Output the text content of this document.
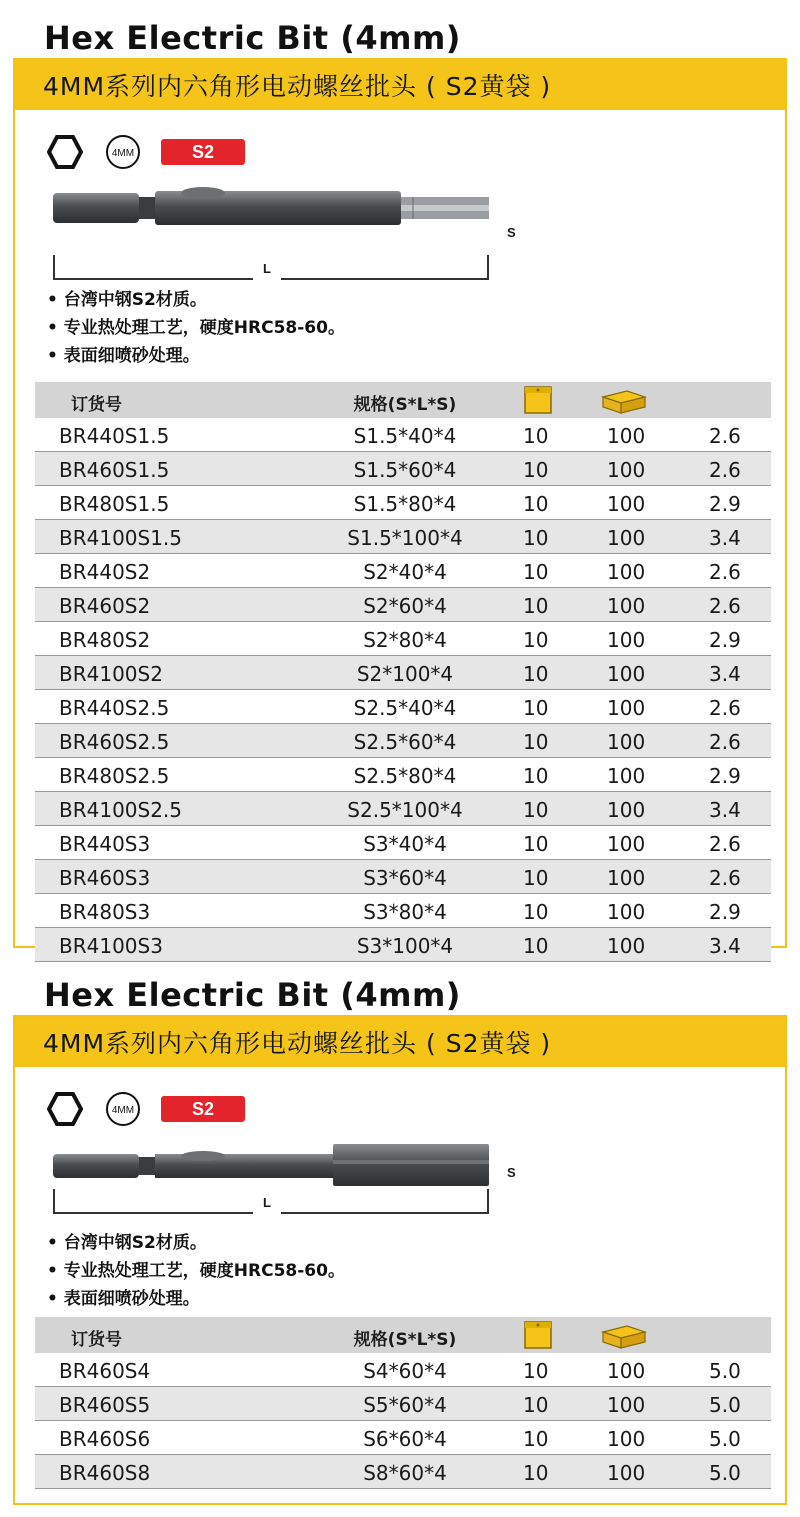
Hex Electric Bit (4mm)
4MM系列内六角形电动螺丝批头 ( S2黄袋 )
4MM	S2
S
L
• 台湾中钢S2材质。
• 专业热处理工艺，硬度HRC58-60。
• 表面细喷砂处理。
订货号	规格(S*L*S)
BR440S1.5	S1.5*40*4	10	100	2.6
BR460S1.5	S1.5*60*4	10	100	2.6
BR480S1.5	S1.5*80*4	10	100	2.9
BR4100S1.5	S1.5*100*4	10	100	3.4
BR440S2	S2*40*4	10	100	2.6
BR460S2	S2*60*4	10	100	2.6
BR480S2	S2*80*4	10	100	2.9
BR4100S2	S2*100*4	10	100	3.4
BR440S2.5	S2.5*40*4	10	100	2.6
BR460S2.5	S2.5*60*4	10	100	2.6
BR480S2.5	S2.5*80*4	10	100	2.9
BR4100S2.5	S2.5*100*4	10	100	3.4
BR440S3	S3*40*4	10	100	2.6
BR460S3	S3*60*4	10	100	2.6
BR480S3	S3*80*4	10	100	2.9
BR4100S3	S3*100*4	10	100	3.4
Hex Electric Bit (4mm)
4MM系列内六角形电动螺丝批头 ( S2黄袋 )
4MM	S2
S
L
• 台湾中钢S2材质。
• 专业热处理工艺，硬度HRC58-60。
• 表面细喷砂处理。
订货号	规格(S*L*S)
BR460S4	S4*60*4	10	100	5.0
BR460S5	S5*60*4	10	100	5.0
BR460S6	S6*60*4	10	100	5.0
BR460S8	S8*60*4	10	100	5.0
